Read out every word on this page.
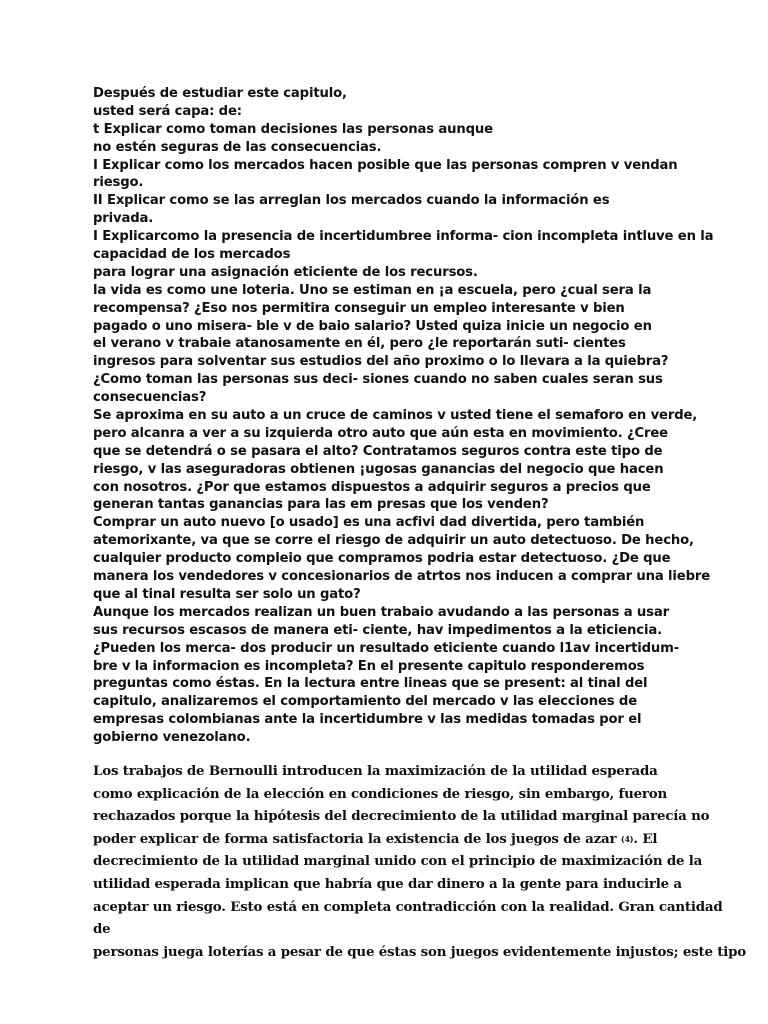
Después de estudiar este capitulo,
usted será capa: de:
t Explicar como toman decisiones las personas aunque
no estén seguras de las consecuencias.
I Explicar como los mercados hacen posible que las personas compren v vendan
riesgo.
II Explicar como se las arreglan los mercados cuando la información es
privada.
I Explicarcomo la presencia de incertidumbree informa- cion incompleta intluve en la
capacidad de los mercados
para lograr una asignación eticiente de los recursos.
la vida es como une loteria. Uno se estiman en ¡a escuela, pero ¿cual sera la
recompensa? ¿Eso nos permitira conseguir un empleo interesante v bien
pagado o uno misera- ble v de baio salario? Usted quiza inicie un negocio en
el verano v trabaie atanosamente en él, pero ¿le reportarán suti- cientes
ingresos para solventar sus estudios del año proximo o lo llevara a la quiebra?
¿Como toman las personas sus deci- siones cuando no saben cuales seran sus
consecuencias?
Se aproxima en su auto a un cruce de caminos v usted tiene el semaforo en verde,
pero alcanra a ver a su izquierda otro auto que aún esta en movimiento. ¿Cree
que se detendrá o se pasara el alto? Contratamos seguros contra este tipo de
riesgo, v las aseguradoras obtienen ¡ugosas ganancias del negocio que hacen
con nosotros. ¿Por que estamos dispuestos a adquirir seguros a precios que
generan tantas ganancias para las em presas que los venden?
Comprar un auto nuevo [o usado] es una acfivi dad divertida, pero también
atemorixante, va que se corre el riesgo de adquirir un auto detectuoso. De hecho,
cualquier producto compleio que compramos podria estar detectuoso. ¿De que
manera los vendedores v concesionarios de atrtos nos inducen a comprar una liebre
que al tinal resulta ser solo un gato?
Aunque los mercados realizan un buen trabaio avudando a las personas a usar
sus recursos escasos de manera eti- ciente, hav impedimentos a la eticiencia.
¿Pueden los merca- dos producir un resultado eticiente cuando l1av incertidum-
bre v la informacion es incompleta? En el presente capitulo responderemos
preguntas como éstas. En la lectura entre lineas que se present: al tinal del
capitulo, analizaremos el comportamiento del mercado v las elecciones de
empresas colombianas ante la incertidumbre v las medidas tomadas por el
gobierno venezolano.
Los trabajos de Bernoulli introducen la maximización de la utilidad esperada
como explicación de la elección en condiciones de riesgo, sin embargo, fueron
rechazados porque la hipótesis del decrecimiento de la utilidad marginal parecía no
poder explicar de forma satisfactoria la existencia de los juegos de azar $^{(4)}$. El
decrecimiento de la utilidad marginal unido con el principio de maximización de la
utilidad esperada implican que habría que dar dinero a la gente para inducirle a
aceptar un riesgo. Esto está en completa contradicción con la realidad. Gran cantidad
de
personas juega loterías a pesar de que éstas son juegos evidentemente injustos; este tipo
